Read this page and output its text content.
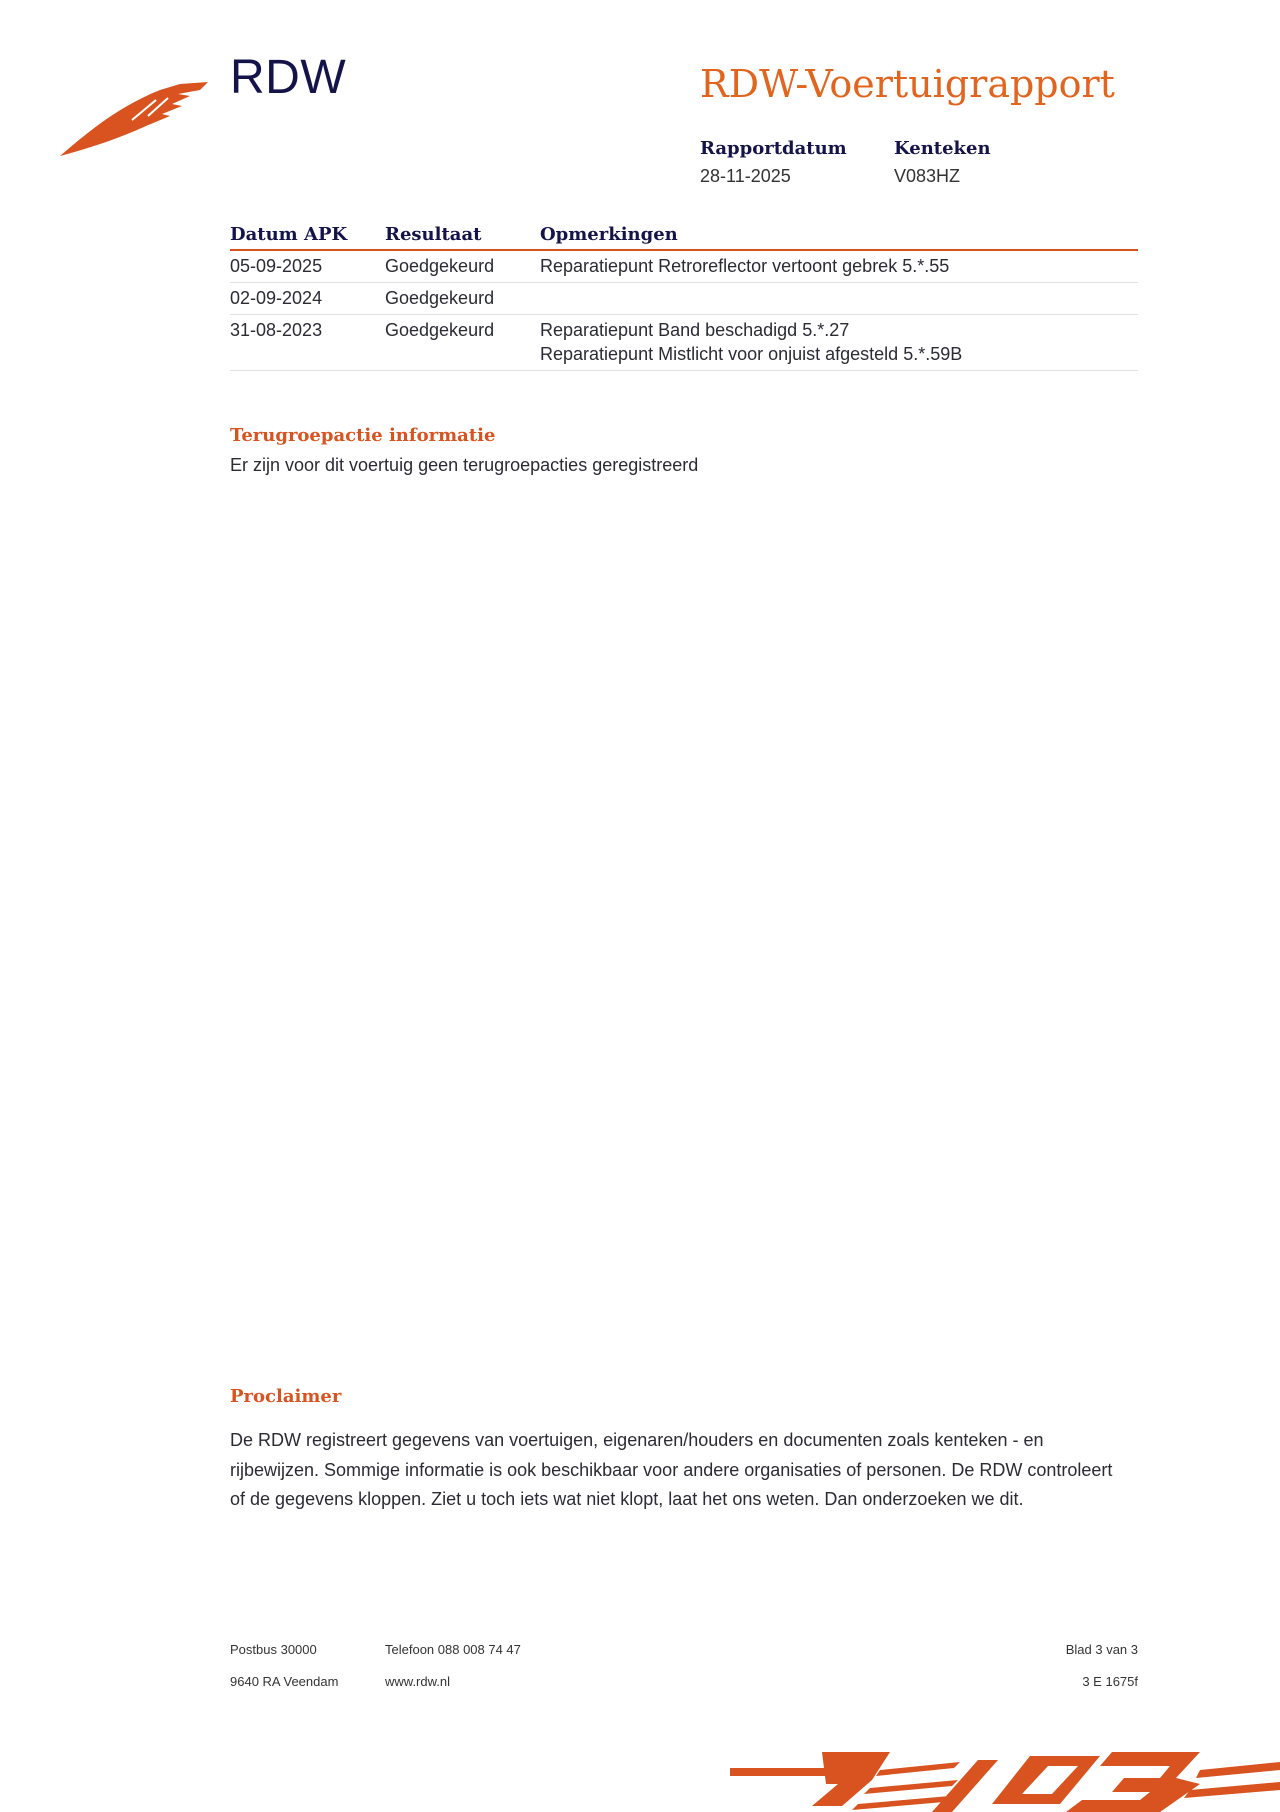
RDW	RDW-Voertuigrapport
Rapportdatum
28-11-2025
Kenteken
V083HZ
Datum APK	Resultaat	Opmerkingen
05-09-2025	Goedgekeurd	Reparatiepunt Retroreflector vertoont gebrek 5.*.55

02-09-2024	Goedgekeurd	
31-08-2023	Goedgekeurd	Reparatiepunt Band beschadigd 5.*.27
Reparatiepunt Mistlicht voor onjuist afgesteld 5.*.59B
Terugroepactie informatie
Er zijn voor dit voertuig geen terugroepacties geregistreerd
Proclaimer
De RDW registreert gegevens van voertuigen, eigenaren/houders en documenten zoals kenteken - en rijbewijzen. Sommige informatie is ook beschikbaar voor andere organisaties of personen. De RDW controleert of de gegevens kloppen. Ziet u toch iets wat niet klopt, laat het ons weten. Dan onderzoeken we dit.
Postbus 30000
9640 RA Veendam
Telefoon 088 008 74 47
www.rdw.nl
Blad 3 van 3
3 E 1675f
